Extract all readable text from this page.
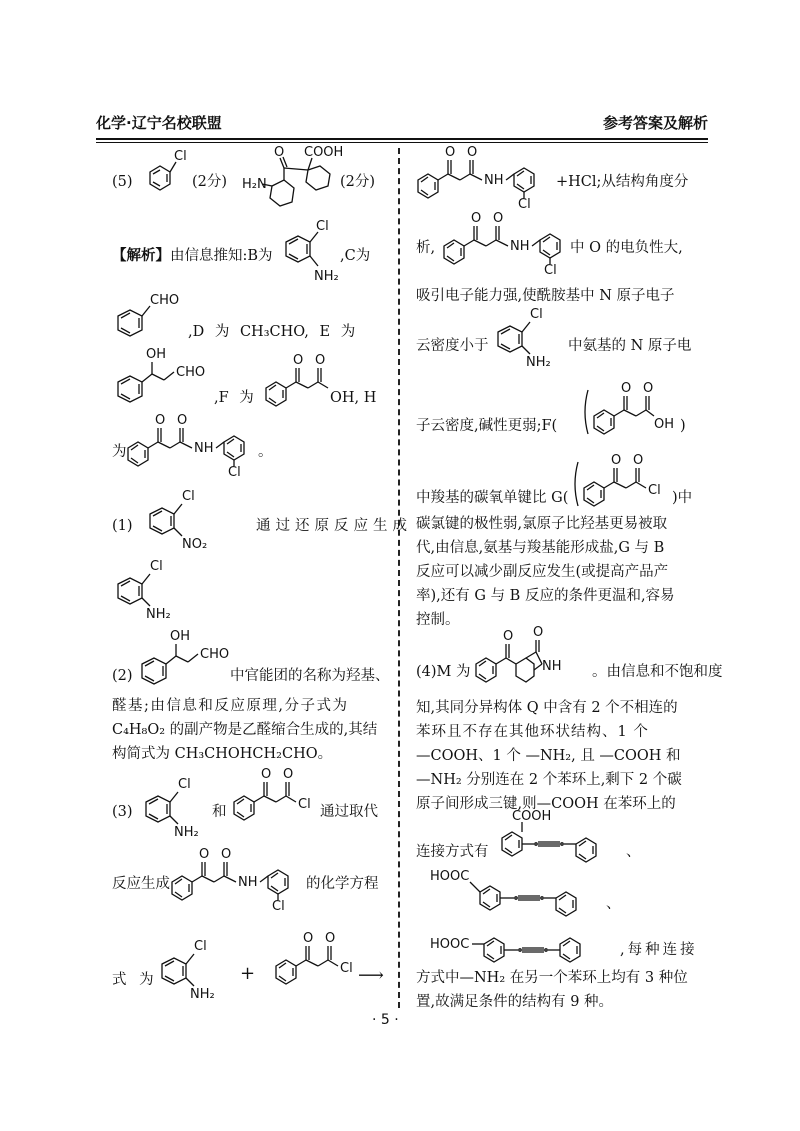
化学·辽宁名校联盟	参考答案及解析
(5)
Cl
(2分)
COOH
O
H₂N	(2分)
【解析】由信息推知:B为
Cl
NH₂
,C为
CHO
,D 为 CH₃CHO, E 为
OH
CHO
,F 为
O O
OH, H
为
O O
NH
Cl
。
(1)
Cl
NO₂
通过还原反应生成
Cl
NH₂
OH
CHO
(2)	中官能团的名称为羟基、
醛基;由信息和反应原理,分子式为
C₄H₈O₂ 的副产物是乙醛缩合生成的,其结
构简式为 CH₃CHOHCH₂CHO。
(3)
Cl
NH₂
和
O O
Cl 通过取代
反应生成
O O
NH
Cl
的化学方程
式 为
Cl
NH₂
+
O O
Cl ⟶
O O
NH
Cl
+HCl;从结构角度分
析,
O O
NH
Cl
中 O 的电负性大,
吸引电子能力强,使酰胺基中 N 原子电子
云密度小于
Cl
NH₂
中氨基的 N 原子电
子云密度,碱性更弱;F(
O O
OH )
中羧基的碳氧单键比 G(
O O
Cl )中
碳氯键的极性弱,氯原子比羟基更易被取
代,由信息,氨基与羧基能形成盐,G 与 B
反应可以减少副反应发生(或提高产品产
率),还有 G 与 B 反应的条件更温和,容易
控制。
(4)M 为
O O
NH 。由信息和不饱和度
知,其同分异构体 Q 中含有 2 个不相连的
苯环且不存在其他环状结构、1 个
—COOH、1 个 —NH₂, 且 —COOH 和
—NH₂ 分别连在 2 个苯环上,剩下 2 个碳
原子间形成三键,则—COOH 在苯环上的
连接方式有
COOH
、
HOOC
、
HOOC	,每种连接
方式中—NH₂ 在另一个苯环上均有 3 种位
置,故满足条件的结构有 9 种。
· 5 ·
